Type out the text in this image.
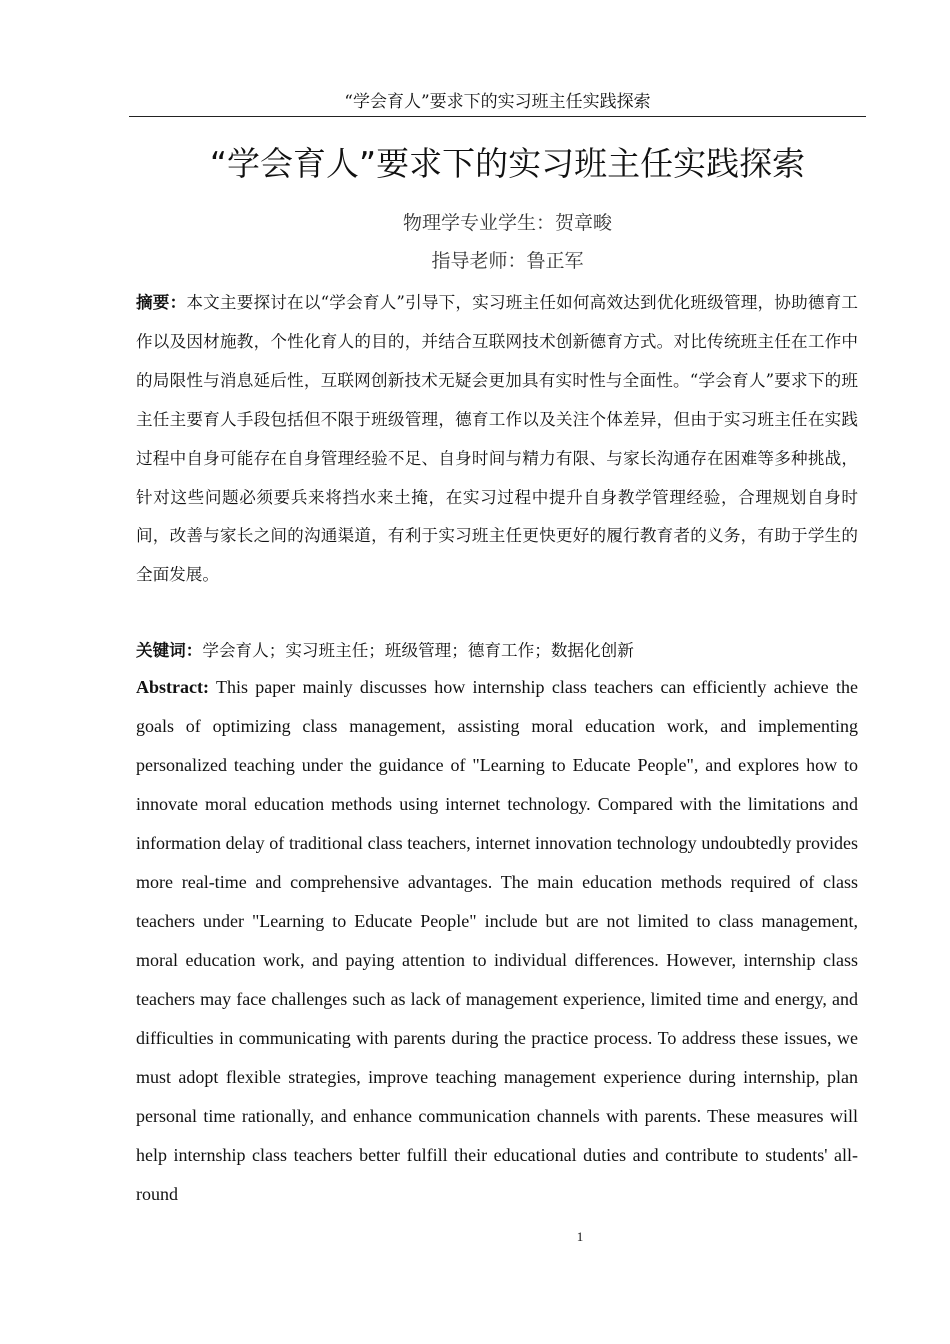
“学会育人”要求下的实习班主任实践探索
“学会育人”要求下的实习班主任实践探索
物理学专业学生：贺章畯
指导老师：鲁正军

摘要：本文主要探讨在以“学会育人”引导下，实习班主任如何高效达到优化班级管理，协助德育工作以及因材施教，个性化育人的目的，并结合互联网技术创新德育方式。对比传统班主任在工作中的局限性与消息延后性，互联网创新技术无疑会更加具有实时性与全面性。“学会育人”要求下的班主任主要育人手段包括但不限于班级管理，德育工作以及关注个体差异，但由于实习班主任在实践过程中自身可能存在自身管理经验不足、自身时间与精力有限、与家长沟通存在困难等多种挑战，针对这些问题必须要兵来将挡水来土掩，在实习过程中提升自身教学管理经验，合理规划自身时间，改善与家长之间的沟通渠道，有利于实习班主任更快更好的履行教育者的义务，有助于学生的全面发展。

关键词：学会育人；实习班主任；班级管理；德育工作；数据化创新

Abstract: This paper mainly discusses how internship class teachers can efficiently achieve the goals of optimizing class management, assisting moral education work, and implementing personalized teaching under the guidance of "Learning to Educate People", and explores how to innovate moral education methods using internet technology. Compared with the limitations and information delay of traditional class teachers, internet innovation technology undoubtedly provides more real-time and comprehensive advantages. The main education methods required of class teachers under "Learning to Educate People" include but are not limited to class management, moral education work, and paying attention to individual differences. However, internship class teachers may face challenges such as lack of management experience, limited time and energy, and difficulties in communicating with parents during the practice process. To address these issues, we must adopt flexible strategies, improve teaching management experience during internship, plan personal time rationally, and enhance communication channels with parents. These measures will help internship class teachers better fulfill their educational duties and contribute to students' all-round

1
